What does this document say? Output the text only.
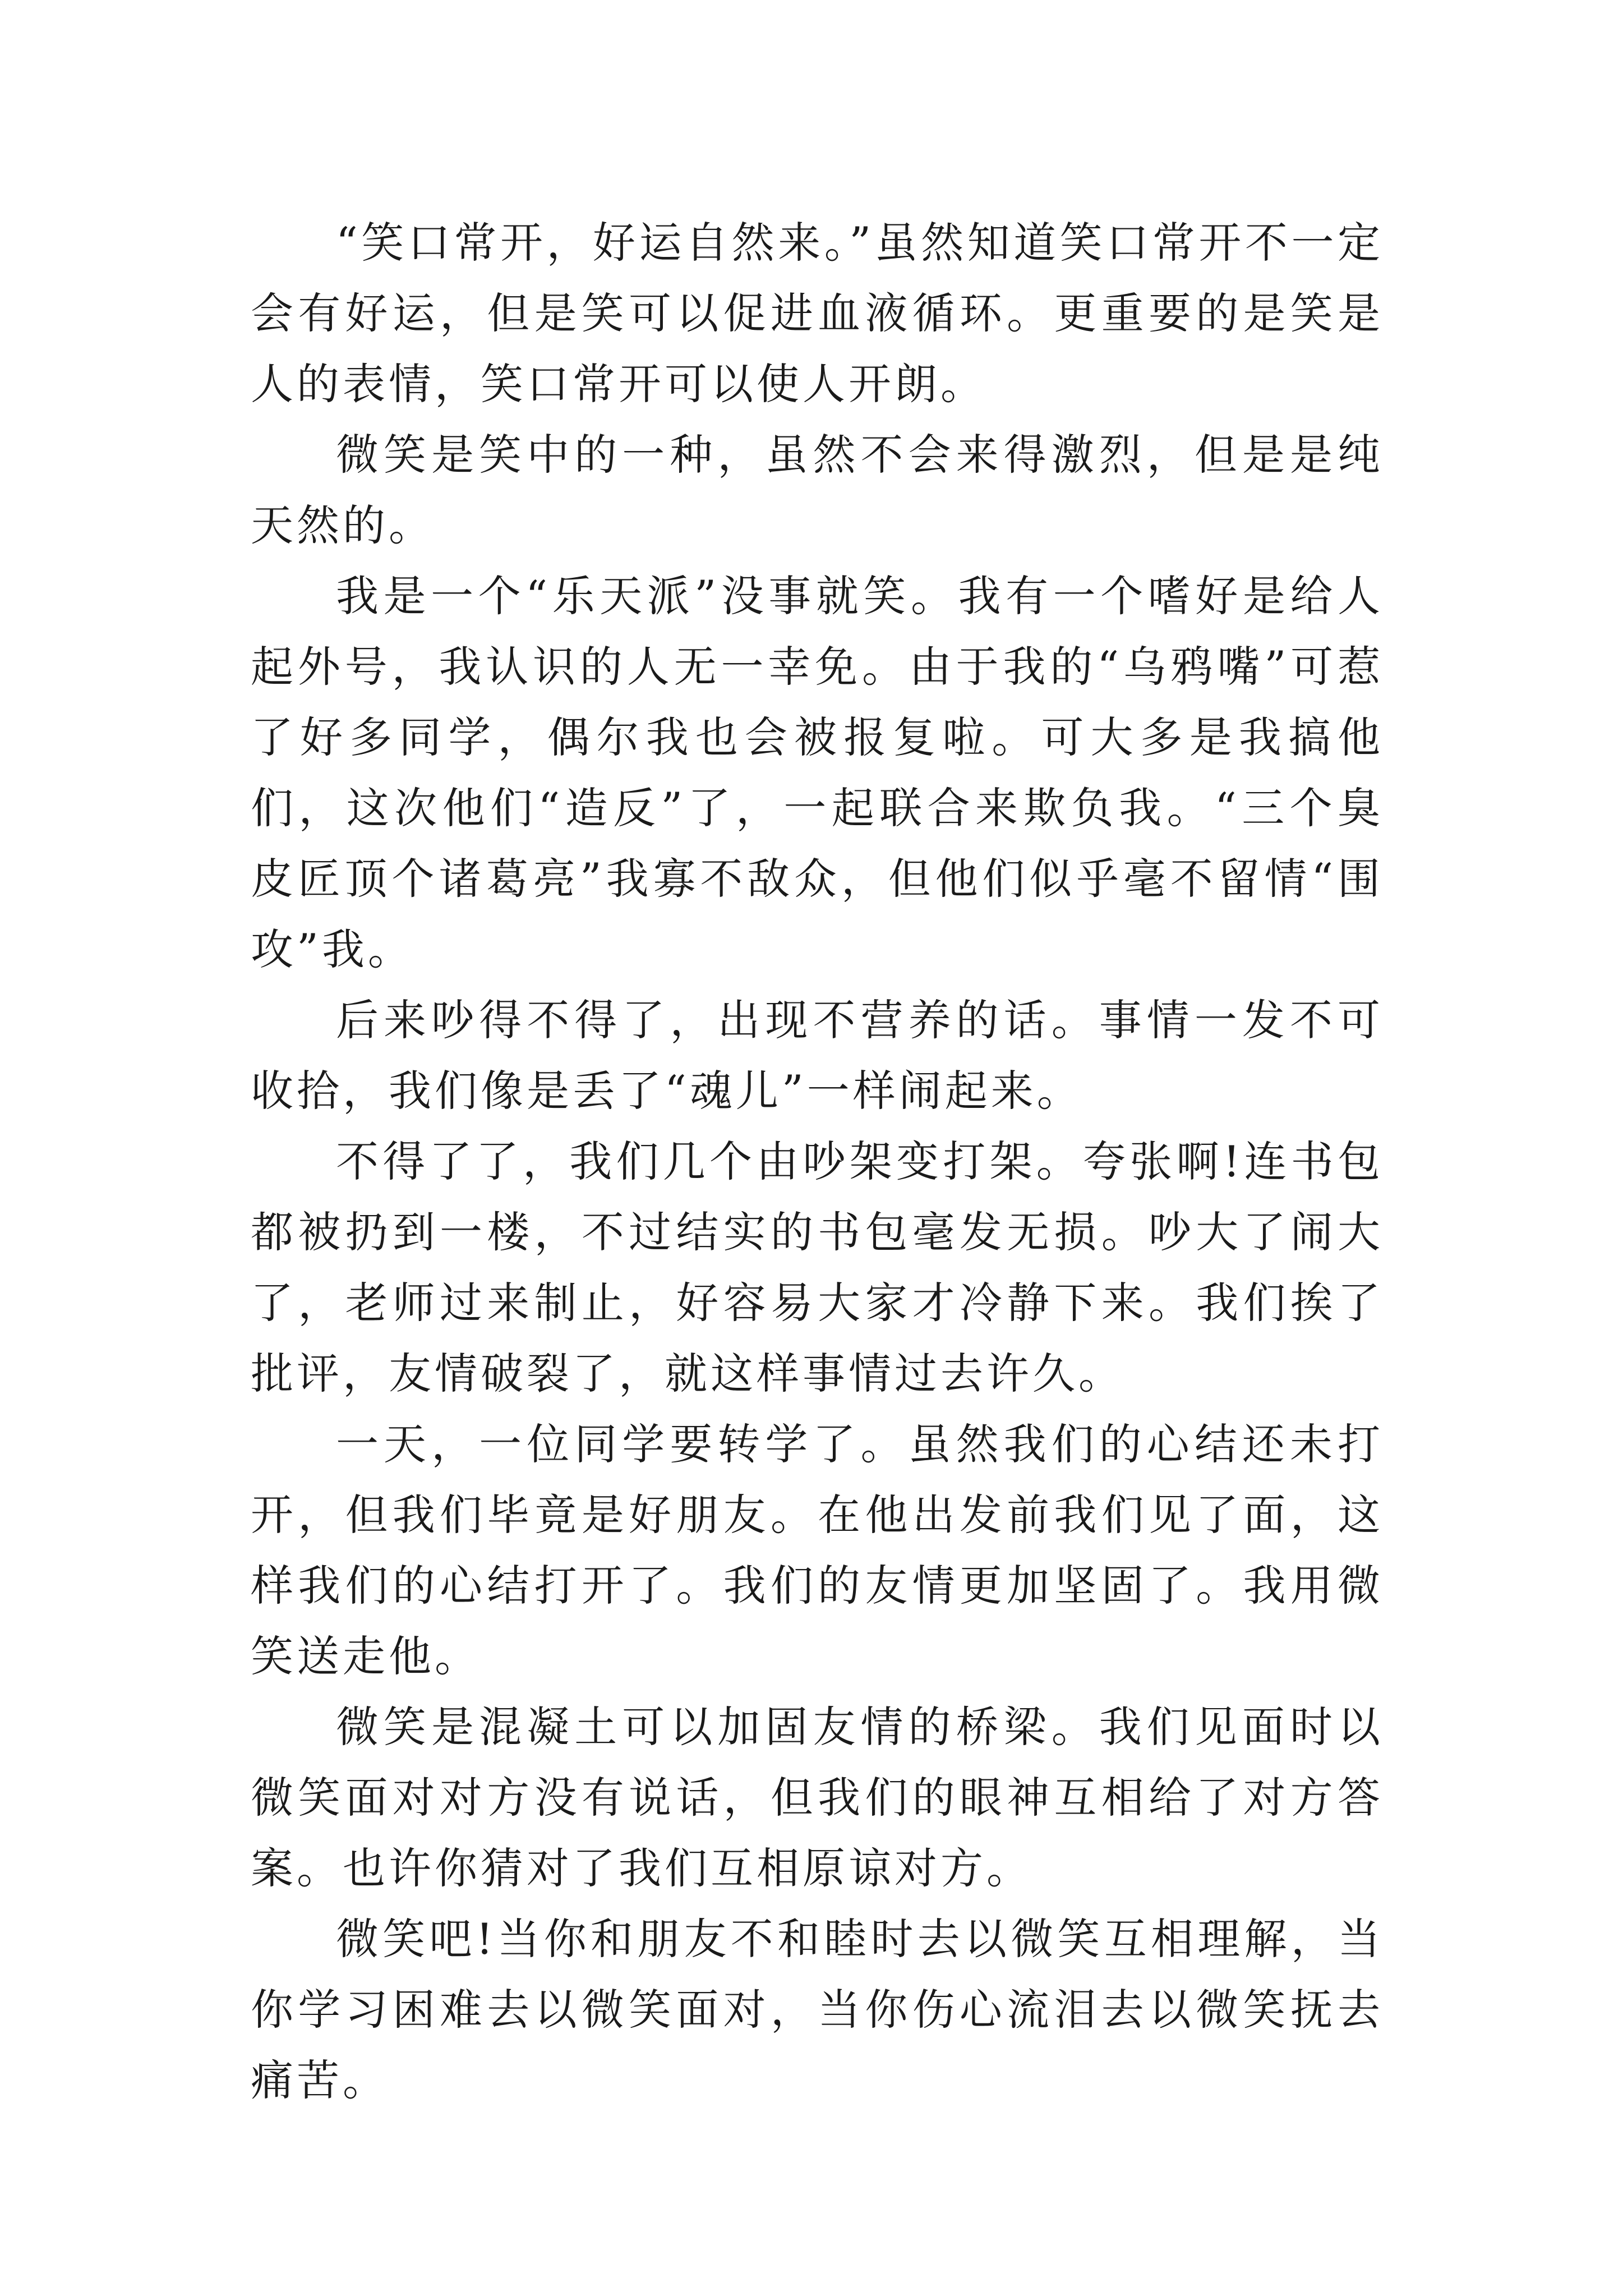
“笑口常开，好运自然来。”虽然知道笑口常开不一定会有好运，但是笑可以促进血液循环。更重要的是笑是人的表情，笑口常开可以使人开朗。

微笑是笑中的一种，虽然不会来得激烈，但是是纯天然的。

我是一个“乐天派”没事就笑。我有一个嗜好是给人起外号，我认识的人无一幸免。由于我的“乌鸦嘴”可惹了好多同学，偶尔我也会被报复啦。可大多是我搞他们，这次他们“造反”了，一起联合来欺负我。“三个臭皮匠顶个诸葛亮”我寡不敌众，但他们似乎毫不留情“围攻”我。

后来吵得不得了，出现不营养的话。事情一发不可收拾，我们像是丢了“魂儿”一样闹起来。

不得了了，我们几个由吵架变打架。夸张啊!连书包都被扔到一楼，不过结实的书包毫发无损。吵大了闹大了，老师过来制止，好容易大家才冷静下来。我们挨了批评，友情破裂了，就这样事情过去许久。

一天，一位同学要转学了。虽然我们的心结还未打开，但我们毕竟是好朋友。在他出发前我们见了面，这样我们的心结打开了。我们的友情更加坚固了。我用微笑送走他。

微笑是混凝土可以加固友情的桥梁。我们见面时以微笑面对对方没有说话，但我们的眼神互相给了对方答案。也许你猜对了我们互相原谅对方。

微笑吧!当你和朋友不和睦时去以微笑互相理解，当你学习困难去以微笑面对，当你伤心流泪去以微笑抚去痛苦。
